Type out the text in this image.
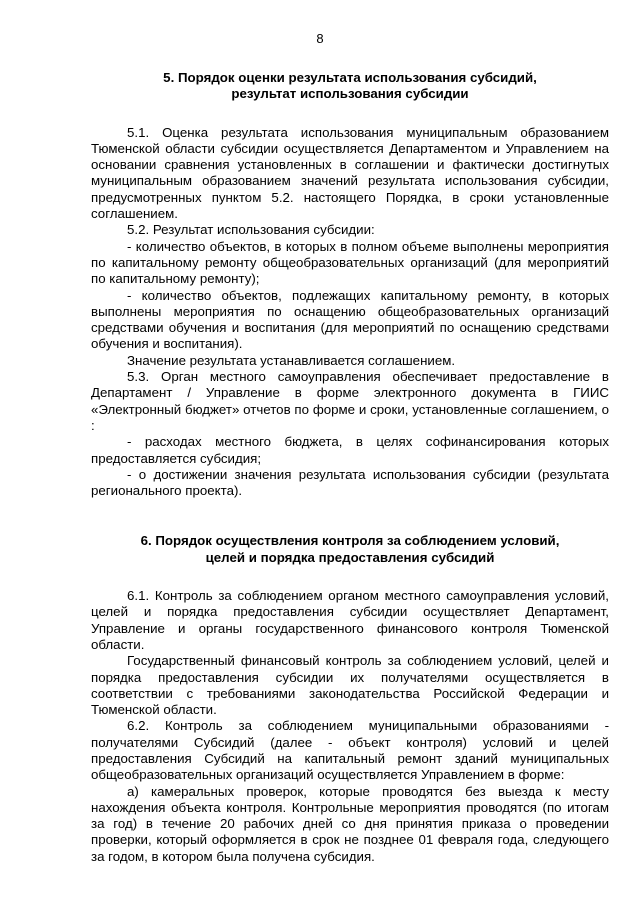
8
5. Порядок оценки результата использования субсидий,
результат использования субсидии

5.1. Оценка результата использования муниципальным образованием Тюменской области субсидии осуществляется Департаментом и Управлением на основании сравнения установленных в соглашении и фактически достигнутых муниципальным образованием значений результата использования субсидии, предусмотренных пунктом 5.2. настоящего Порядка, в сроки установленные соглашением.

5.2. Результат использования субсидии:

- количество объектов, в которых в полном объеме выполнены мероприятия по капитальному ремонту общеобразовательных организаций (для мероприятий по капитальному ремонту);

- количество объектов, подлежащих капитальному ремонту, в которых выполнены мероприятия по оснащению общеобразовательных организаций средствами обучения и воспитания (для мероприятий по оснащению средствами обучения и воспитания).

Значение результата устанавливается соглашением.

5.3. Орган местного самоуправления обеспечивает предоставление в Департамент / Управление в форме электронного документа в ГИИС «Электронный бюджет» отчетов по форме и сроки, установленные соглашением, о :

- расходах местного бюджета, в целях софинансирования которых предоставляется субсидия;

- о достижении значения результата использования субсидии (результата регионального проекта).

6. Порядок осуществления контроля за соблюдением условий,
целей и порядка предоставления субсидий

6.1. Контроль за соблюдением органом местного самоуправления условий, целей и порядка предоставления субсидии осуществляет Департамент, Управление и органы государственного финансового контроля Тюменской области.

Государственный финансовый контроль за соблюдением условий, целей и порядка предоставления субсидии их получателями осуществляется в соответствии с требованиями законодательства Российской Федерации и Тюменской области.

6.2. Контроль за соблюдением муниципальными образованиями - получателями Субсидий (далее - объект контроля) условий и целей предоставления Субсидий на капитальный ремонт зданий муниципальных общеобразовательных организаций осуществляется Управлением в форме:

а) камеральных проверок, которые проводятся без выезда к месту нахождения объекта контроля. Контрольные мероприятия проводятся (по итогам за год) в течение 20 рабочих дней со дня принятия приказа о проведении проверки, который оформляется в срок не позднее 01 февраля года, следующего за годом, в котором была получена субсидия.
